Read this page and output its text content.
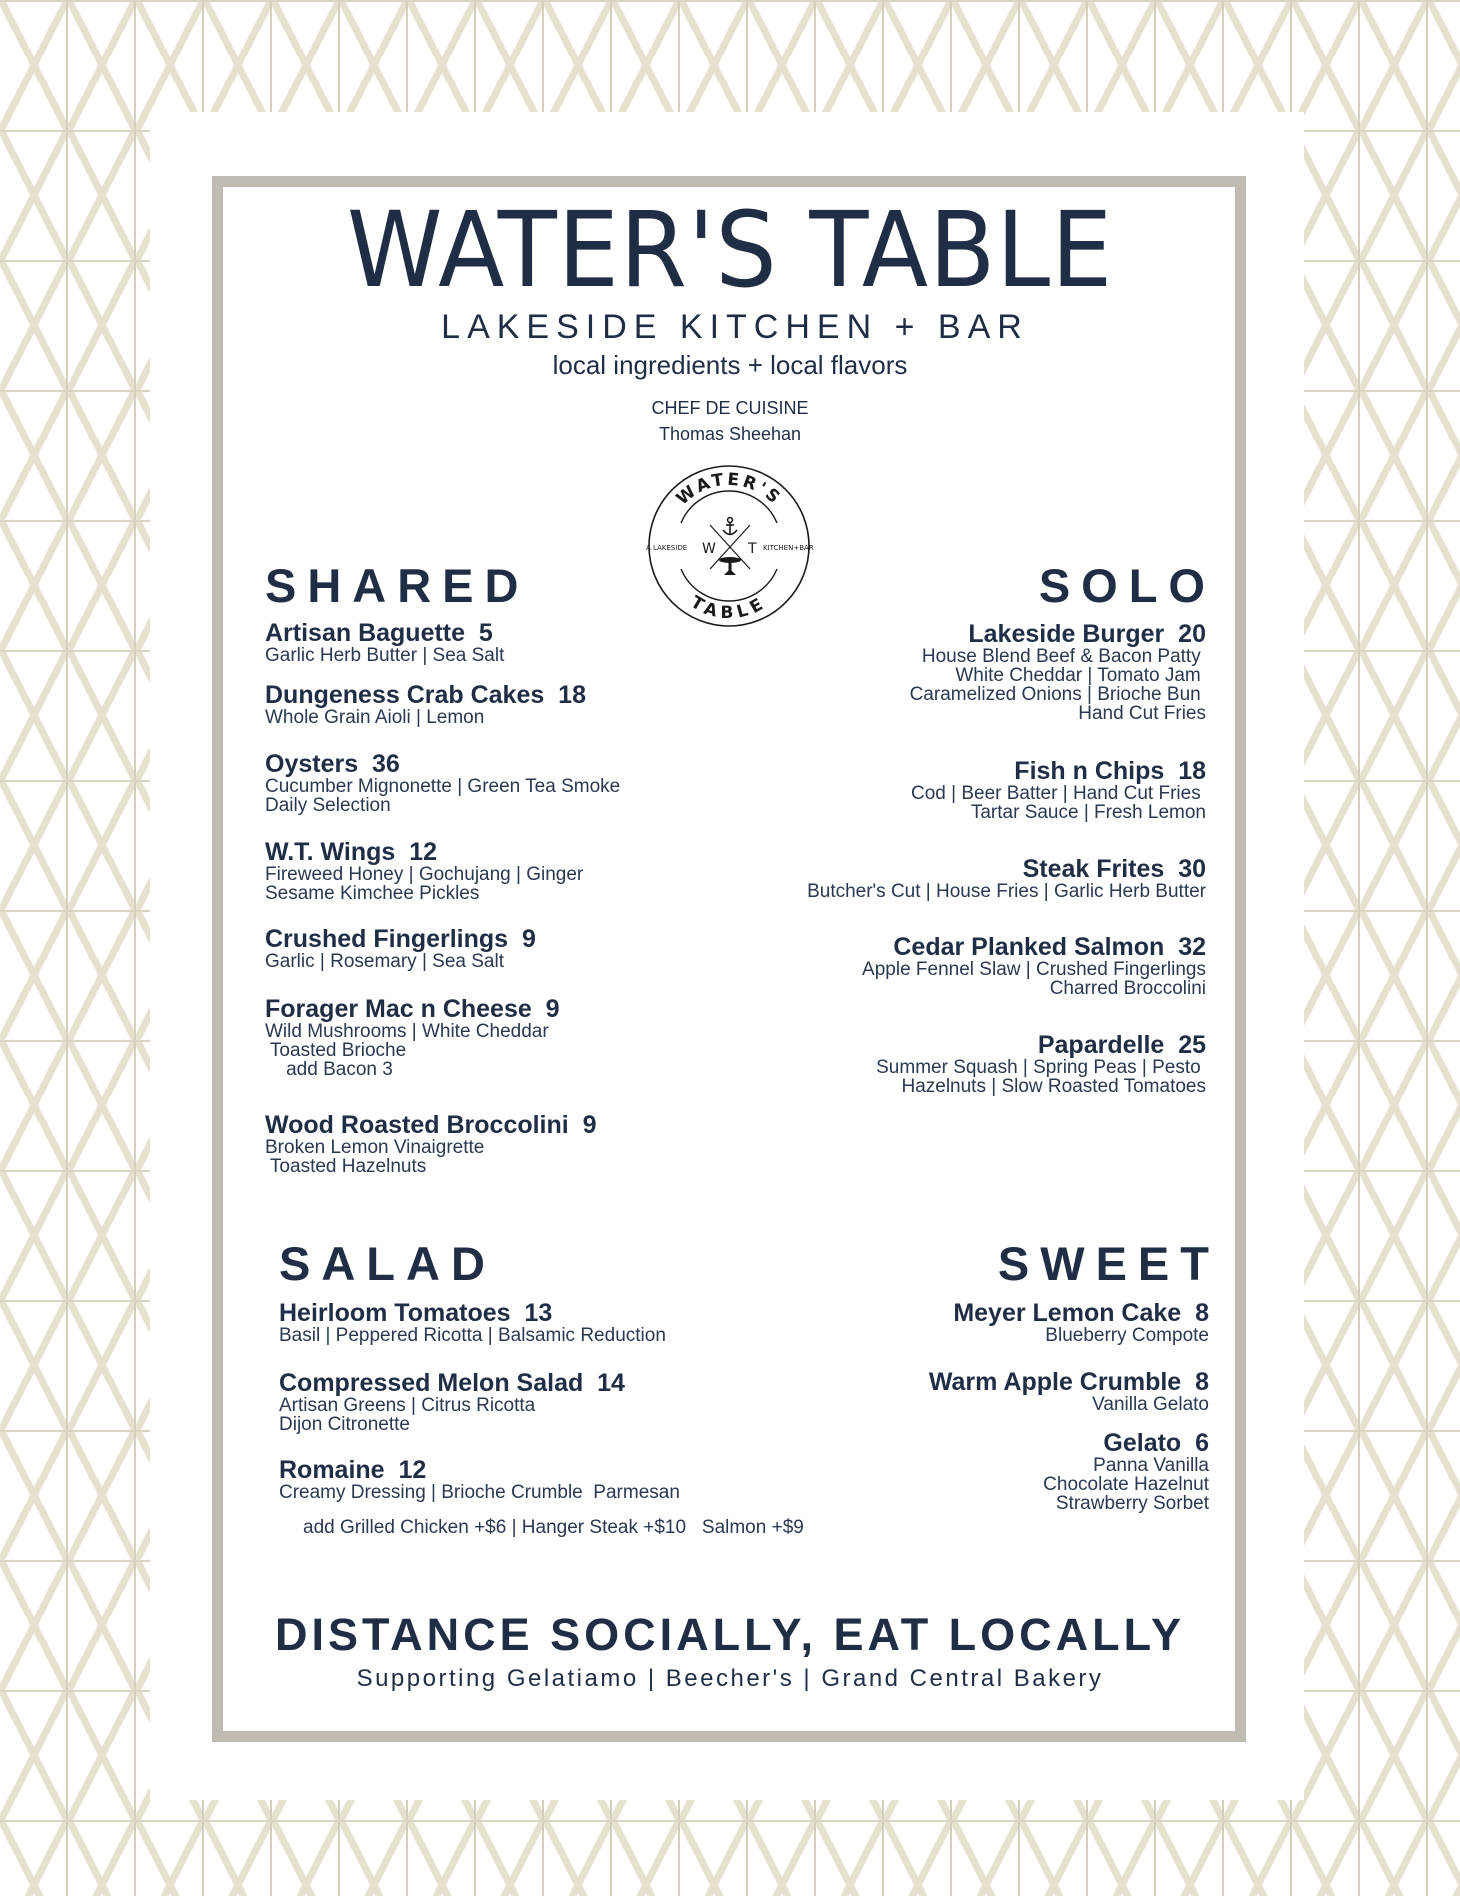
WATER'S TABLE
LAKESIDE KITCHEN + BAR
local ingredients + local flavors
CHEF DE CUISINE
Thomas Sheehan
WATER'S
TABLE
A LAKESIDE	KITCHEN+BAR
W T
SHARED
Artisan Baguette  5
Garlic Herb Butter | Sea Salt
Dungeness Crab Cakes  18
Whole Grain Aioli | Lemon
Oysters  36
Cucumber Mignonette | Green Tea Smoke
Daily Selection
W.T. Wings  12
Fireweed Honey | Gochujang | Ginger
Sesame Kimchee Pickles
Crushed Fingerlings  9
Garlic | Rosemary | Sea Salt
Forager Mac n Cheese  9
Wild Mushrooms | White Cheddar
Toasted Brioche
add Bacon 3
Wood Roasted Broccolini  9
Broken Lemon Vinaigrette
Toasted Hazelnuts
SOLO
Lakeside Burger  20
House Blend Beef & Bacon Patty
White Cheddar | Tomato Jam
Caramelized Onions | Brioche Bun
Hand Cut Fries
Fish n Chips  18
Cod | Beer Batter | Hand Cut Fries
Tartar Sauce | Fresh Lemon
Steak Frites  30
Butcher's Cut | House Fries | Garlic Herb Butter
Cedar Planked Salmon  32
Apple Fennel Slaw | Crushed Fingerlings
Charred Broccolini
Papardelle  25
Summer Squash | Spring Peas | Pesto
Hazelnuts | Slow Roasted Tomatoes
SALAD
Heirloom Tomatoes  13
Basil | Peppered Ricotta | Balsamic Reduction
Compressed Melon Salad  14
Artisan Greens | Citrus Ricotta
Dijon Citronette
Romaine  12
Creamy Dressing | Brioche Crumble  Parmesan
add Grilled Chicken +$6 | Hanger Steak +$10   Salmon +$9
SWEET
Meyer Lemon Cake  8
Blueberry Compote
Warm Apple Crumble  8
Vanilla Gelato
Gelato  6
Panna Vanilla
Chocolate Hazelnut
Strawberry Sorbet
DISTANCE SOCIALLY, EAT LOCALLY
Supporting Gelatiamo | Beecher's | Grand Central Bakery
